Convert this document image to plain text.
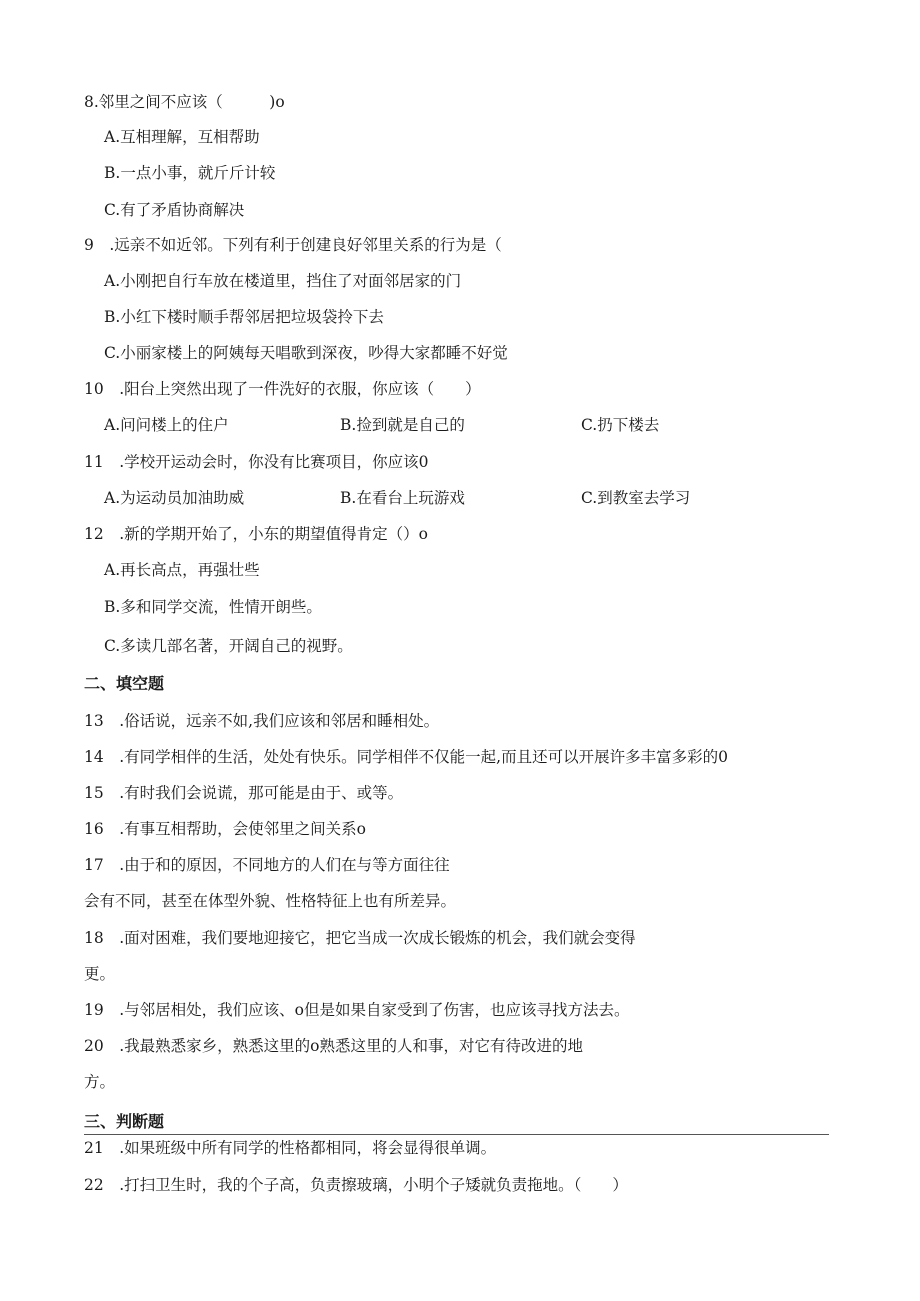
8.邻里之间不应该（　　　)o
A.互相理解，互相帮助
B.一点小事，就斤斤计较
C.有了矛盾协商解决
9　.远亲不如近邻。下列有利于创建良好邻里关系的行为是（
A.小刚把自行车放在楼道里，挡住了对面邻居家的门
B.小红下楼时顺手帮邻居把垃圾袋拎下去
C.小丽家楼上的阿姨每天唱歌到深夜，吵得大家都睡不好觉
10　.阳台上突然出现了一件洗好的衣服，你应该（　　）
A.问问楼上的住户	B.捡到就是自己的	C.扔下楼去
11　.学校开运动会时，你没有比赛项目，你应该0
A.为运动员加油助威	B.在看台上玩游戏	C.到教室去学习
12　.新的学期开始了，小东的期望值得肯定（）o
A.再长高点，再强壮些
B.多和同学交流，性情开朗些。
C.多读几部名著，开阔自己的视野。
二、填空题
13　.俗话说，远亲不如,我们应该和邻居和睡相处。
14　.有同学相伴的生活，处处有快乐。同学相伴不仅能一起,而且还可以开展许多丰富多彩的0
15　.有时我们会说谎，那可能是由于、或等。
16　.有事互相帮助，会使邻里之间关系o
17　.由于和的原因，不同地方的人们在与等方面往往
会有不同，甚至在体型外貌、性格特征上也有所差异。
18　.面对困难，我们要地迎接它，把它当成一次成长锻炼的机会，我们就会变得
更。
19　.与邻居相处，我们应该、o但是如果自家受到了伤害，也应该寻找方法去。
20　.我最熟悉家乡，熟悉这里的o熟悉这里的人和事，对它有待改进的地
方。
三、判断题
21　.如果班级中所有同学的性格都相同，将会显得很单调。
22　.打扫卫生时，我的个子高，负责擦玻璃，小明个子矮就负责拖地。（　　）
